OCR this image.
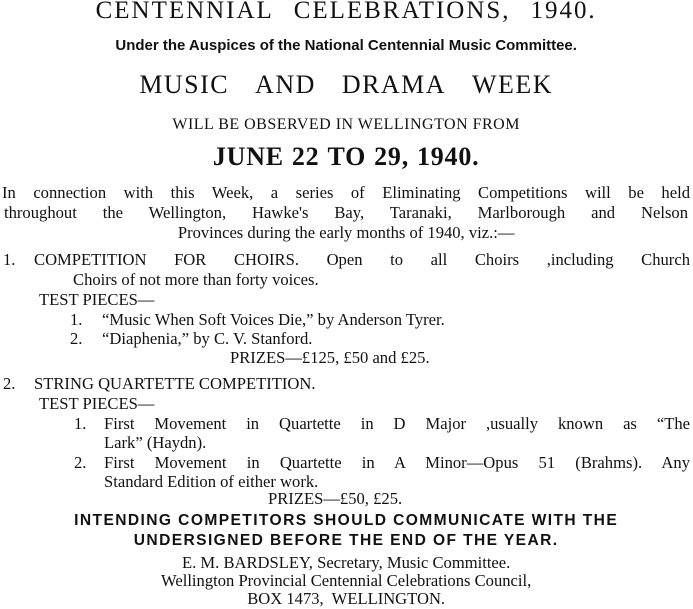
CENTENNIAL CELEBRATIONS, 1940.
Under the Auspices of the National Centennial Music Committee.
MUSIC AND DRAMA WEEK
WILL BE OBSERVED IN WELLINGTON FROM
JUNE 22 TO 29, 1940.
In connection with this Week, a series of Eliminating Competitions will be held
throughout the Wellington, Hawke's Bay, Taranaki, Marlborough and Nelson
Provinces during the early months of 1940, viz.:—
1. COMPETITION FOR CHOIRS. Open to all Choirs ,including Church
Choirs of not more than forty voices.
TEST PIECES—
1. “Music When Soft Voices Die,” by Anderson Tyrer.
2. “Diaphenia,” by C. V. Stanford.
PRIZES—£125, £50 and £25.
2. STRING QUARTETTE COMPETITION.
TEST PIECES—
1. First Movement in Quartette in D Major ,usually known as “The
Lark” (Haydn).
2. First Movement in Quartette in A Minor—Opus 51 (Brahms). Any
Standard Edition of either work.
PRIZES—£50, £25.
INTENDING COMPETITORS SHOULD COMMUNICATE WITH THE
UNDERSIGNED BEFORE THE END OF THE YEAR.
E. M. BARDSLEY, Secretary, Music Committee.
Wellington Provincial Centennial Celebrations Council,
BOX 1473,  WELLINGTON.
